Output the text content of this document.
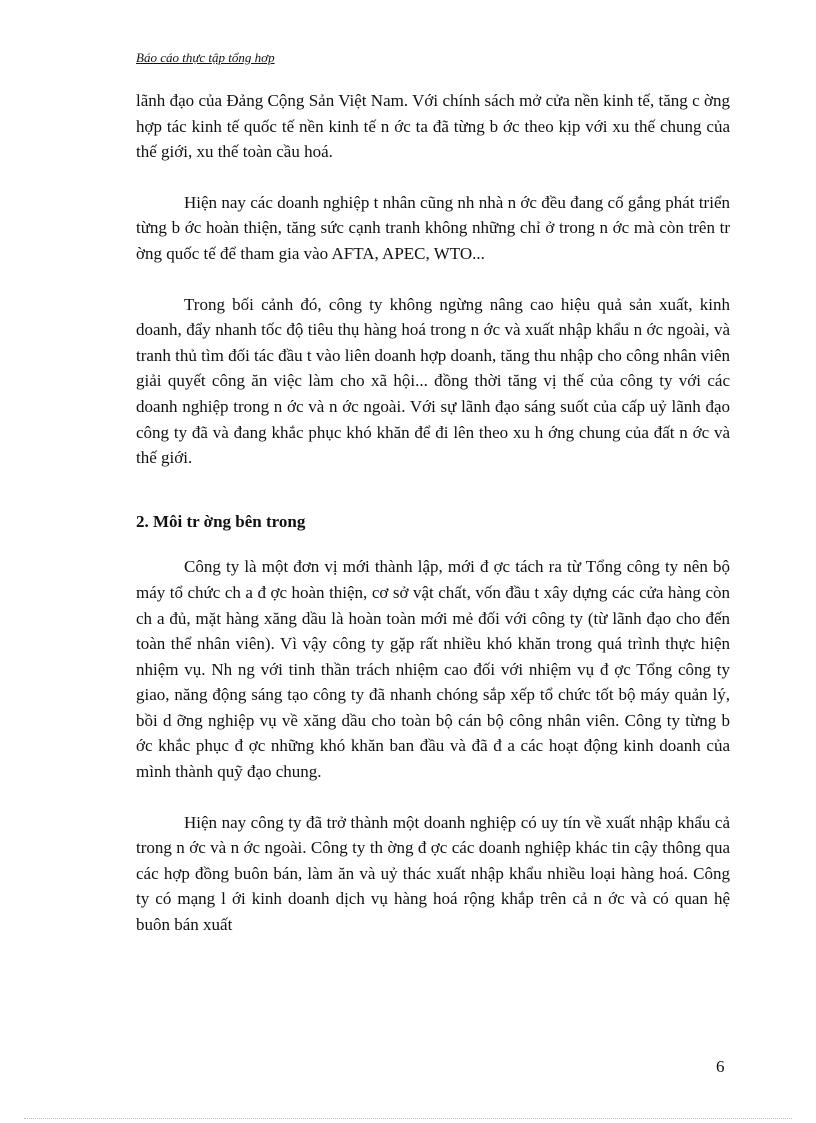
Báo cáo thực tập tổng hơp

lãnh đạo của Đảng Cộng Sản Việt Nam. Với chính sách mở cửa nền kinh tế, tăng c ờng hợp tác kinh tế quốc tế nền kinh tế n ớc ta đã từng b ớc theo kịp với xu thế chung của thế giới, xu thế toàn cầu hoá.

Hiện nay các doanh nghiệp t nhân cũng nh nhà n ớc đều đang cố gắng phát triển từng b ớc hoàn thiện, tăng sức cạnh tranh không những chỉ ở trong n ớc mà còn trên tr ờng quốc tế để tham gia vào AFTA, APEC, WTO...

Trong bối cảnh đó, công ty không ngừng nâng cao hiệu quả sản xuất, kinh doanh, đẩy nhanh tốc độ tiêu thụ hàng hoá trong n ớc và xuất nhập khẩu n ớc ngoài, và tranh thủ tìm đối tác đầu t vào liên doanh hợp doanh, tăng thu nhập cho công nhân viên giải quyết công ăn việc làm cho xã hội... đồng thời tăng vị thế của công ty với các doanh nghiệp trong n ớc và n ớc ngoài. Với sự lãnh đạo sáng suốt của cấp uỷ lãnh đạo công ty đã và đang khắc phục khó khăn để đi lên theo xu h ớng chung của đất n ớc và thế giới.

2. Môi tr ờng bên trong

Công ty là một đơn vị mới thành lập, mới đ ợc tách ra từ Tổng công ty nên bộ máy tổ chức ch a đ ợc hoàn thiện, cơ sở vật chất, vốn đầu t xây dựng các cửa hàng còn ch a đủ, mặt hàng xăng dầu là hoàn toàn mới mẻ đối với công ty (từ lãnh đạo cho đến toàn thể nhân viên). Vì vậy công ty gặp rất nhiều khó khăn trong quá trình thực hiện nhiệm vụ. Nh ng với tinh thần trách nhiệm cao đối với nhiệm vụ đ ợc Tổng công ty giao, năng động sáng tạo công ty đã nhanh chóng sắp xếp tổ chức tốt bộ máy quản lý, bồi d ỡng nghiệp vụ về xăng dầu cho toàn bộ cán bộ công nhân viên. Công ty từng b ớc khắc phục đ ợc những khó khăn ban đầu và đã đ a các hoạt động kinh doanh của mình thành quỹ đạo chung.

Hiện nay công ty đã trở thành một doanh nghiệp có uy tín về xuất nhập khẩu cả trong n ớc và n ớc ngoài. Công ty th ờng đ ợc các doanh nghiệp khác tin cậy thông qua các hợp đồng buôn bán, làm ăn và uỷ thác xuất nhập khẩu nhiều loại hàng hoá. Công ty có mạng l ới kinh doanh dịch vụ hàng hoá rộng khắp trên cả n ớc và có quan hệ buôn bán xuất

6
